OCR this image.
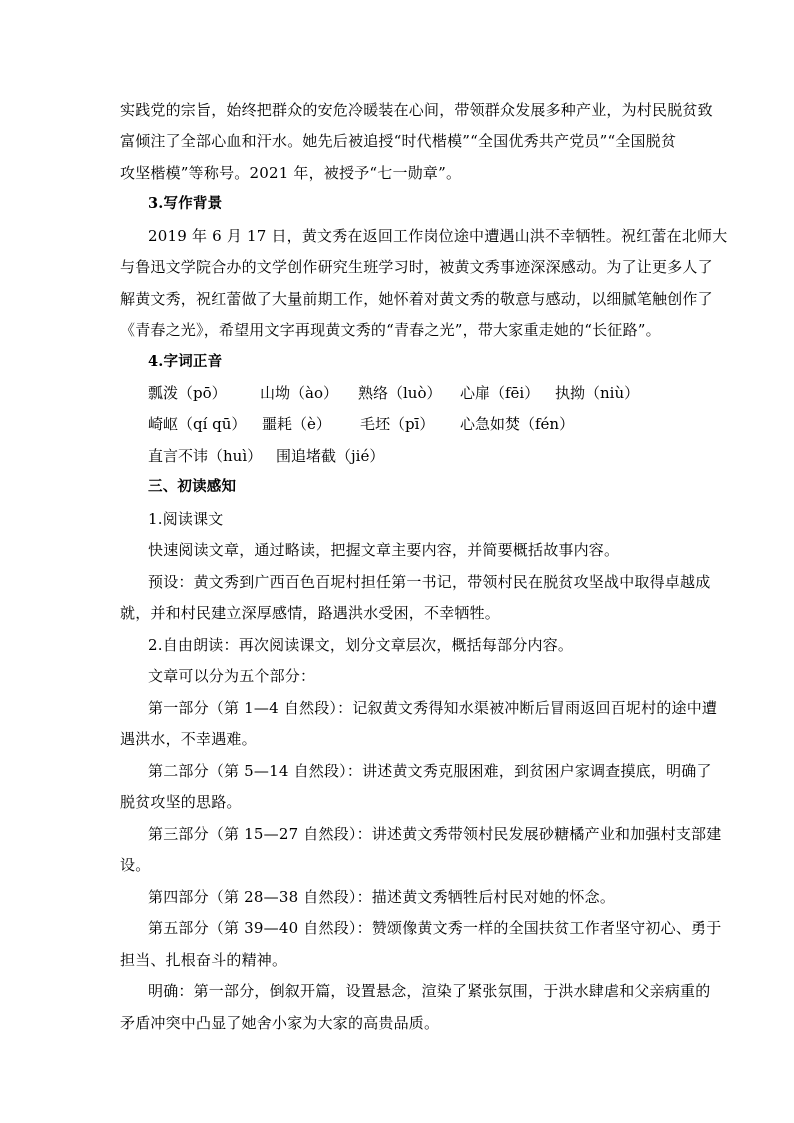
实践党的宗旨，始终把群众的安危冷暖装在心间，带领群众发展多种产业，为村民脱贫致
富倾注了全部心血和汗水。她先后被追授“时代楷模”“全国优秀共产党员”“全国脱贫
攻坚楷模”等称号。2021 年，被授予“七一勋章”。
3.写作背景
2019 年 6 月 17 日，黄文秀在返回工作岗位途中遭遇山洪不幸牺牲。祝红蕾在北师大
与鲁迅文学院合办的文学创作研究生班学习时，被黄文秀事迹深深感动。为了让更多人了
解黄文秀，祝红蕾做了大量前期工作，她怀着对黄文秀的敬意与感动，以细腻笔触创作了
《青春之光》，希望用文字再现黄文秀的“青春之光”，带大家重走她的“长征路”。
4.字词正音
瓢泼（pō） 山坳（ào） 熟络（luò） 心扉（fēi） 执拗（niù）
崎岖（qí qū） 噩耗（è） 毛坯（pī） 心急如焚（fén）
直言不讳（huì） 围追堵截（jié）
三、初读感知
1.阅读课文
快速阅读文章，通过略读，把握文章主要内容，并简要概括故事内容。
预设：黄文秀到广西百色百坭村担任第一书记，带领村民在脱贫攻坚战中取得卓越成
就，并和村民建立深厚感情，路遇洪水受困，不幸牺牲。
2.自由朗读：再次阅读课文，划分文章层次，概括每部分内容。
文章可以分为五个部分：
第一部分（第 1—4 自然段）：记叙黄文秀得知水渠被冲断后冒雨返回百坭村的途中遭
遇洪水，不幸遇难。
第二部分（第 5—14 自然段）：讲述黄文秀克服困难，到贫困户家调查摸底，明确了
脱贫攻坚的思路。
第三部分（第 15—27 自然段）：讲述黄文秀带领村民发展砂糖橘产业和加强村支部建
设。
第四部分（第 28—38 自然段）：描述黄文秀牺牲后村民对她的怀念。
第五部分（第 39—40 自然段）：赞颂像黄文秀一样的全国扶贫工作者坚守初心、勇于
担当、扎根奋斗的精神。
明确：第一部分，倒叙开篇，设置悬念，渲染了紧张氛围，于洪水肆虐和父亲病重的
矛盾冲突中凸显了她舍小家为大家的高贵品质。
